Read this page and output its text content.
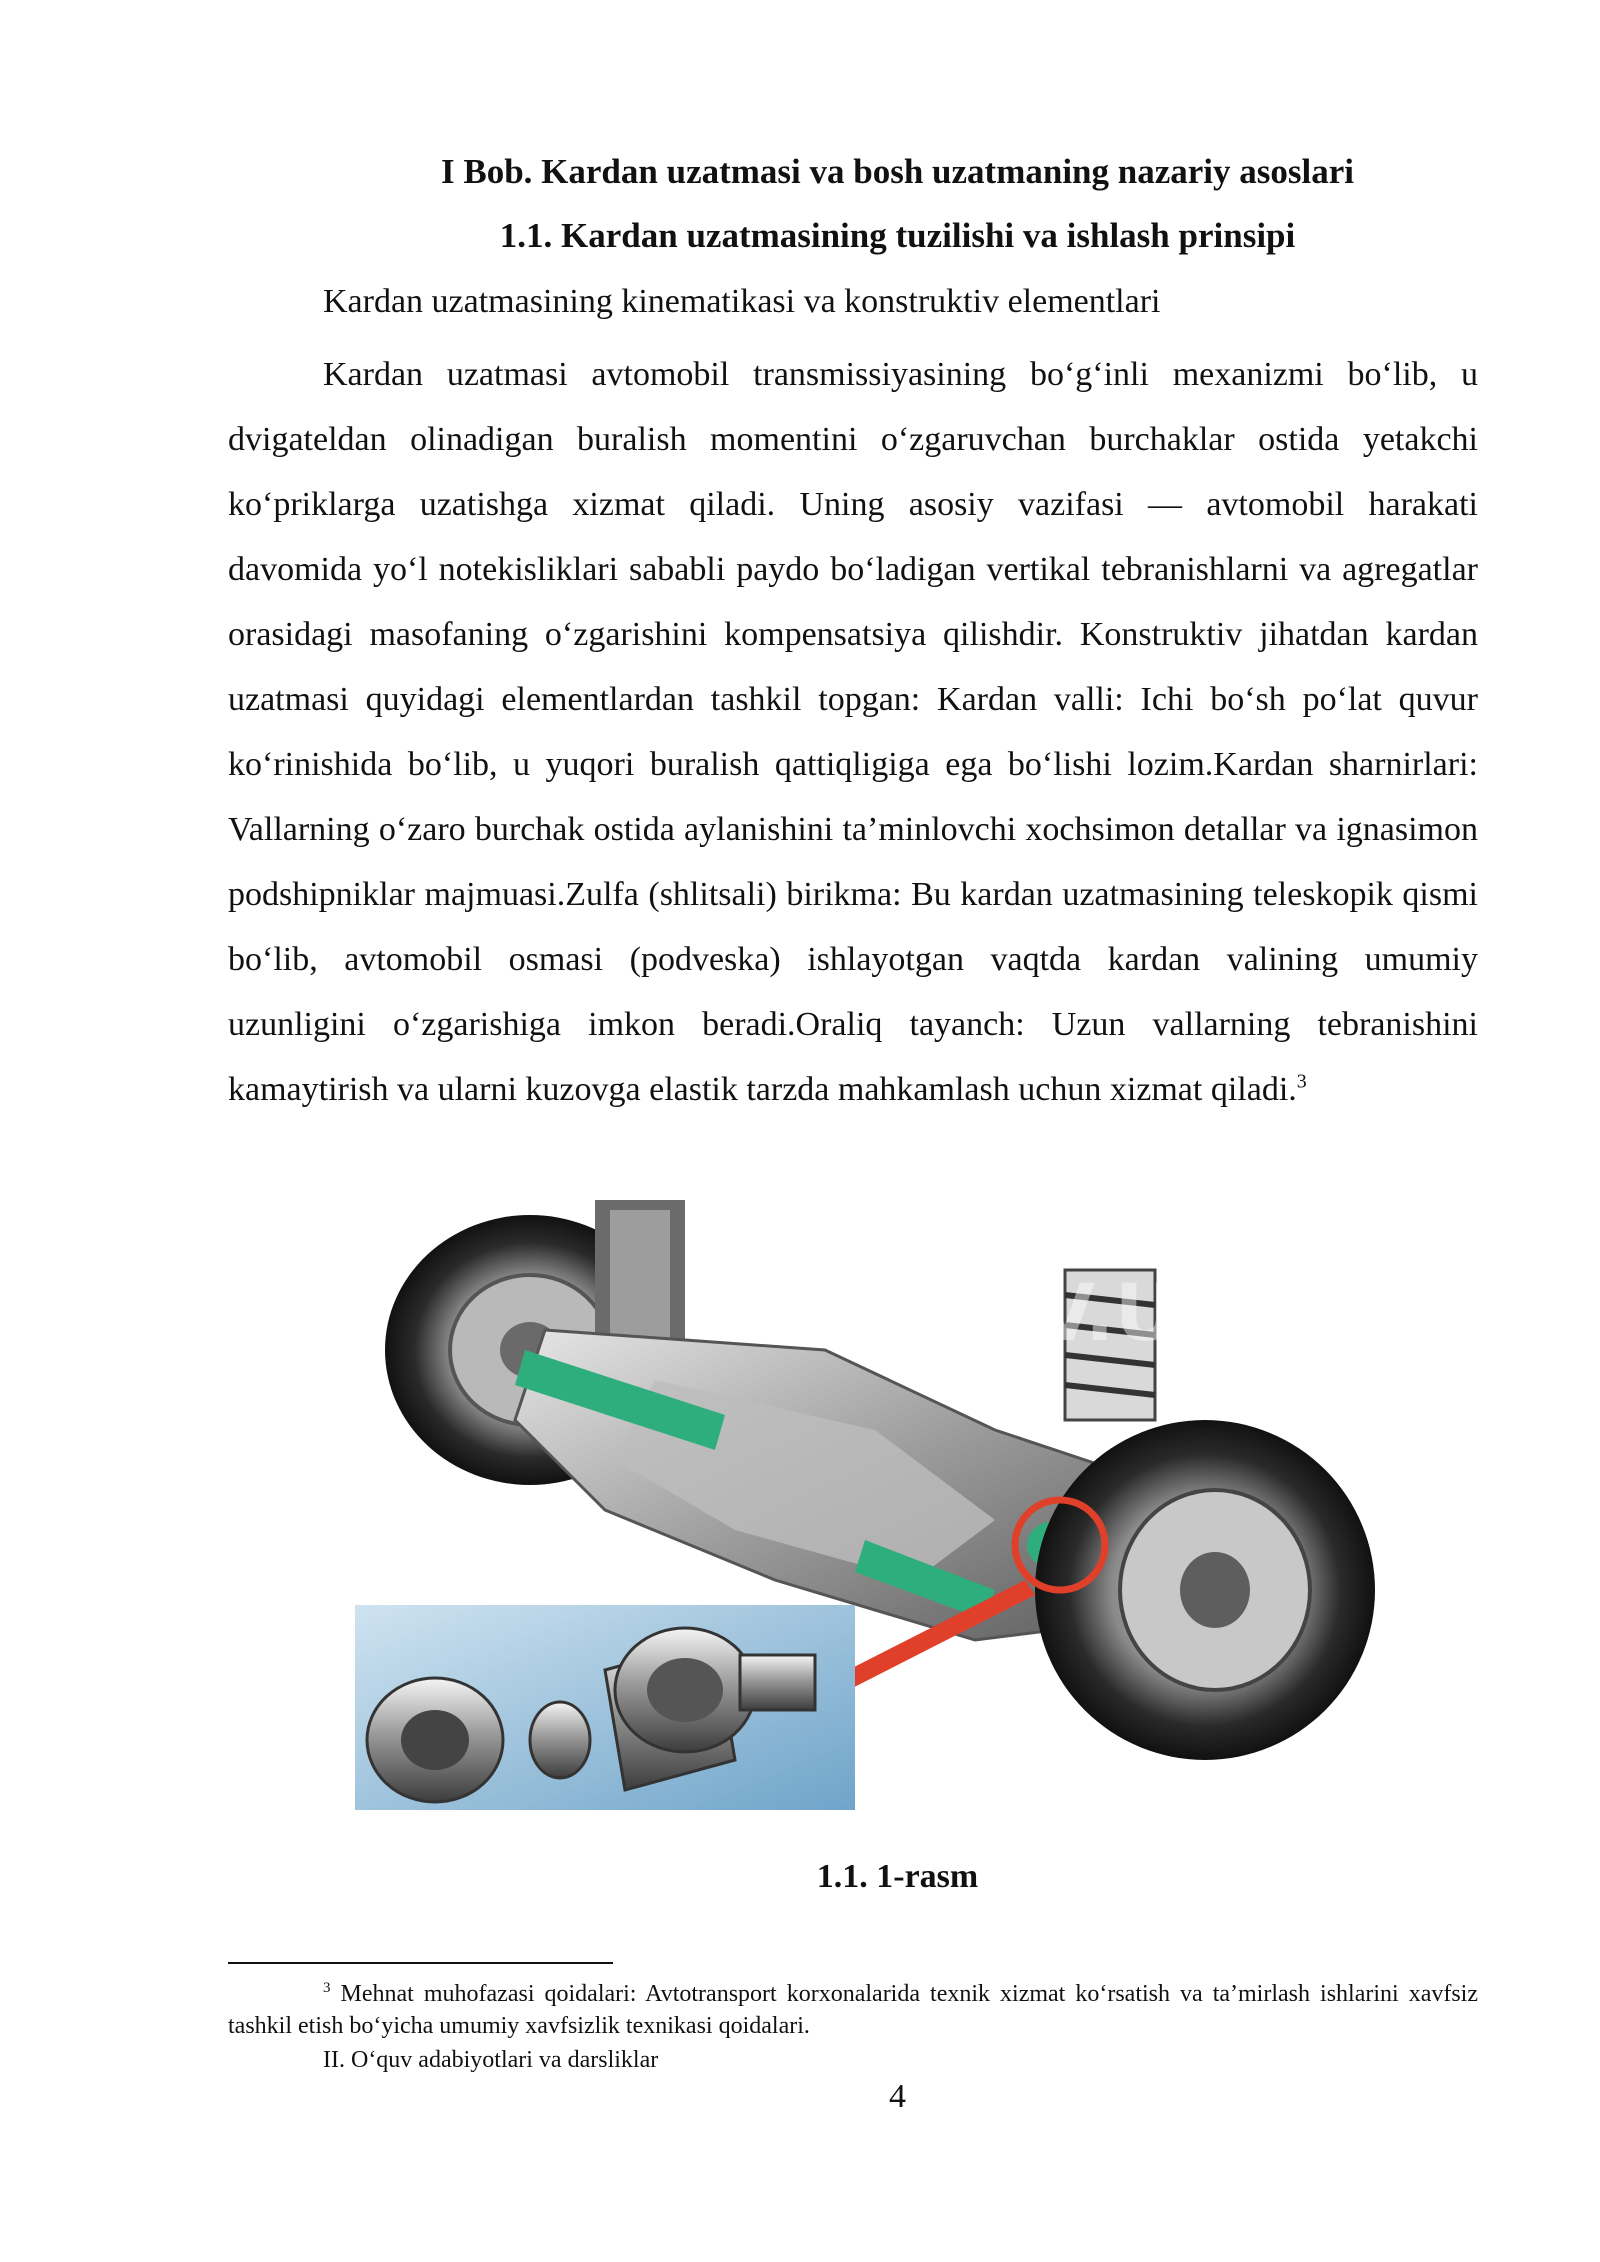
I Bob. Kardan uzatmasi va bosh uzatmaning nazariy asoslari
1.1. Kardan uzatmasining tuzilishi va ishlash prinsipi
Kardan uzatmasining kinematikasi va konstruktiv elementlari

Kardan uzatmasi avtomobil transmissiyasining bo‘g‘inli mexanizmi bo‘lib, u dvigateldan olinadigan buralish momentini o‘zgaruvchan burchaklar ostida yetakchi ko‘priklarga uzatishga xizmat qiladi. Uning asosiy vazifasi — avtomobil harakati davomida yo‘l notekisliklari sababli paydo bo‘ladigan vertikal tebranishlarni va agregatlar orasidagi masofaning o‘zgarishini kompensatsiya qilishdir. Konstruktiv jihatdan kardan uzatmasi quyidagi elementlardan tashkil topgan: Kardan valli: Ichi bo‘sh po‘lat quvur ko‘rinishida bo‘lib, u yuqori buralish qattiqligiga ega bo‘lishi lozim.Kardan sharnirlari: Vallarning o‘zaro burchak ostida aylanishini ta’minlovchi xochsimon detallar va ignasimon podshipniklar majmuasi.Zulfa (shlitsali) birikma: Bu kardan uzatmasining teleskopik qismi bo‘lib, avtomobil osmasi (podveska) ishlayotgan vaqtda kardan valining umumiy uzunligini o‘zgarishiga imkon beradi.Oraliq tayanch: Uzun vallarning tebranishini kamaytirish va ularni kuzovga elastik tarzda mahkamlash uchun xizmat qiladi.$^3$

ARXIV.UZ
1.1. 1-rasm

$^3$ Mehnat muhofazasi qoidalari: Avtotransport korxonalarida texnik xizmat ko‘rsatish va ta’mirlash ishlarini xavfsiz tashkil etish bo‘yicha umumiy xavfsizlik texnikasi qoidalari.

II. O‘quv adabiyotlari va darsliklar
4
